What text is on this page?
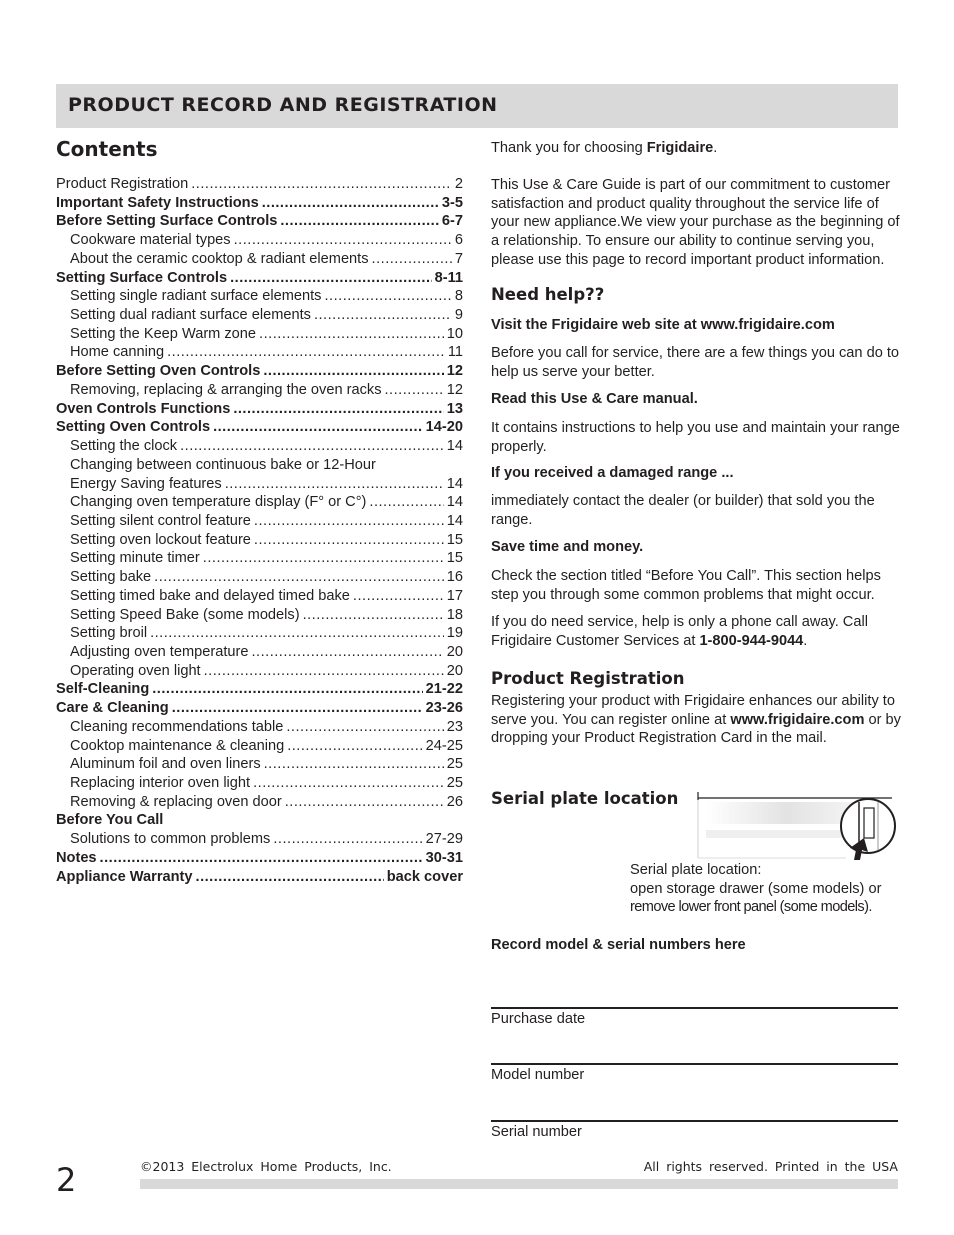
PRODUCT RECORD AND REGISTRATION
Contents
Product Registration .....	2
Important Safety Instructions .....	3-5
Before Setting Surface Controls .....	6-7
Cookware material types .....	6
About the ceramic cooktop & radiant elements .....	7
Setting Surface Controls .....	8-11
Setting single radiant surface elements .....	8
Setting dual radiant surface elements .....	9
Setting the Keep Warm zone .....	10
Home canning .....	11
Before Setting Oven Controls .....	12
Removing, replacing & arranging the oven racks .....	12
Oven Controls Functions .....	13
Setting Oven Controls .....	14-20
Setting the clock .....	14
Changing between continuous bake or 12-Hour
Energy Saving features .....	14
Changing oven temperature display (F° or C°) .....	14
Setting silent control feature .....	14
Setting oven lockout feature .....	15
Setting minute timer .....	15
Setting bake .....	16
Setting timed bake and delayed timed bake .....	17
Setting Speed Bake (some models) .....	18
Setting broil .....	19
Adjusting oven temperature .....	20
Operating oven light .....	20
Self-Cleaning .....	21-22
Care & Cleaning .....	23-26
Cleaning recommendations table .....	23
Cooktop maintenance & cleaning .....	24-25
Aluminum foil and oven liners .....	25
Replacing interior oven light .....	25
Removing & replacing oven door .....	26
Before You Call
Solutions to common problems .....	27-29
Notes .....	30-31
Appliance Warranty .....	back cover
Thank you for choosing Frigidaire.
This Use & Care Guide is part of our commitment to customer satisfaction and product quality throughout the service life of your new appliance.We view your purchase as the beginning of a relationship. To ensure our ability to continue serving you, please use this page to record important product information.
Need help??
Visit the Frigidaire web site at www.frigidaire.com
Before you call for service, there are a few things you can do to help us serve your better.
Read this Use & Care manual.
It contains instructions to help you use and maintain your range properly.
If you received a damaged range ...
immediately contact the dealer (or builder) that sold you the range.
Save time and money.
Check the section titled “Before You Call”. This section helps step you through some common problems that might occur.
If you do need service, help is only a phone call away. Call Frigidaire Customer Services at 1-800-944-9044.
Product Registration
Registering your product with Frigidaire enhances our ability to serve you. You can register online at www.frigidaire.com or by dropping your Product Registration Card in the mail.
Serial plate location
Serial plate location:
open storage drawer (some models) or
remove lower front panel (some models).
Record model & serial numbers here
Purchase date
Model number
Serial number
2	©2013 Electrolux Home Products, Inc.	All rights reserved. Printed in the USA
